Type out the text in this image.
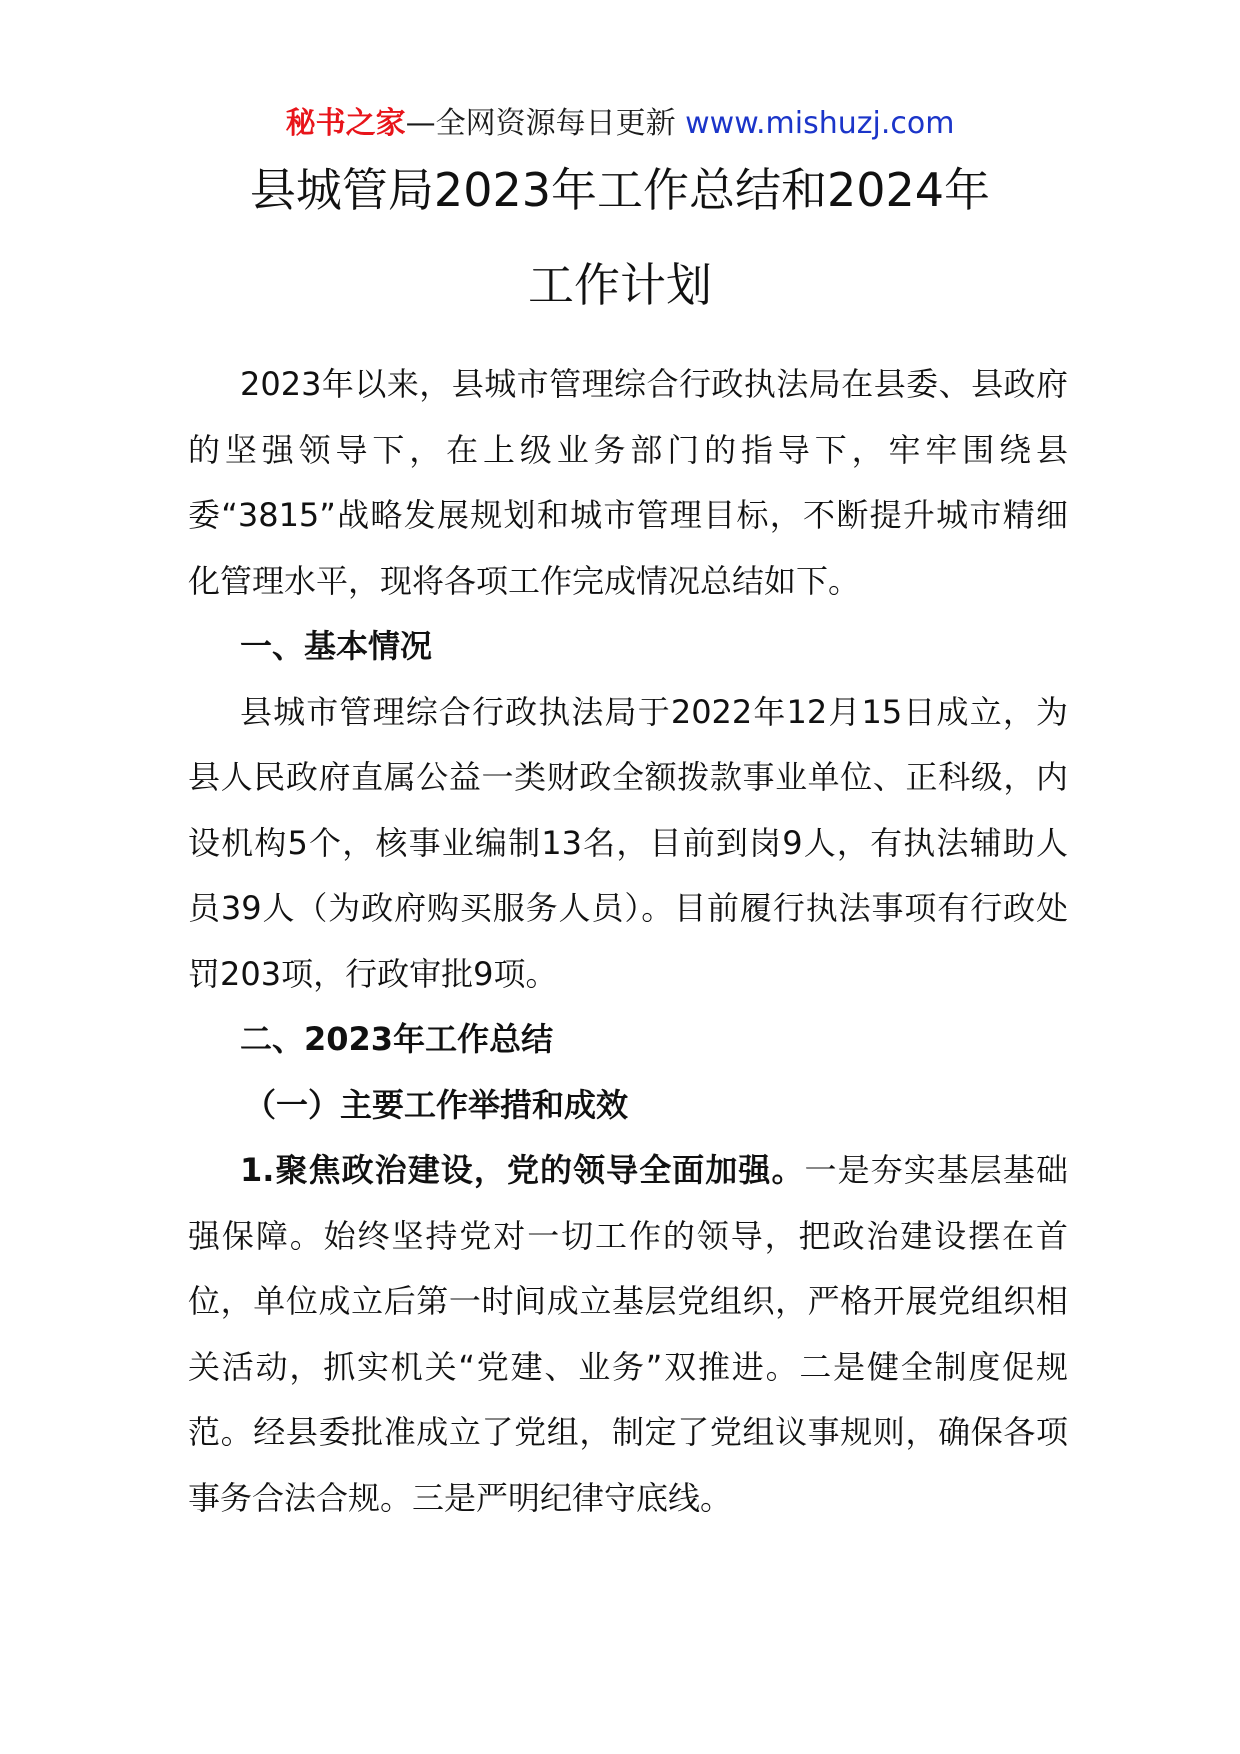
秘书之家—全网资源每日更新 www.mishuzj.com
县城管局2023年工作总结和2024年
工作计划

2023年以来，县城市管理综合行政执法局在县委、县政府的坚强领导下，在上级业务部门的指导下，牢牢围绕县委“3815”战略发展规划和城市管理目标，不断提升城市精细化管理水平，现将各项工作完成情况总结如下。

一、基本情况

县城市管理综合行政执法局于2022年12月15日成立，为县人民政府直属公益一类财政全额拨款事业单位、正科级，内设机构5个，核事业编制13名，目前到岗9人，有执法辅助人员39人（为政府购买服务人员）。目前履行执法事项有行政处罚203项，行政审批9项。

二、2023年工作总结

（一）主要工作举措和成效

1.聚焦政治建设，党的领导全面加强。一是夯实基层基础强保障。始终坚持党对一切工作的领导，把政治建设摆在首位，单位成立后第一时间成立基层党组织，严格开展党组织相关活动，抓实机关“党建、业务”双推进。二是健全制度促规范。经县委批准成立了党组，制定了党组议事规则，确保各项事务合法合规。三是严明纪律守底线。
